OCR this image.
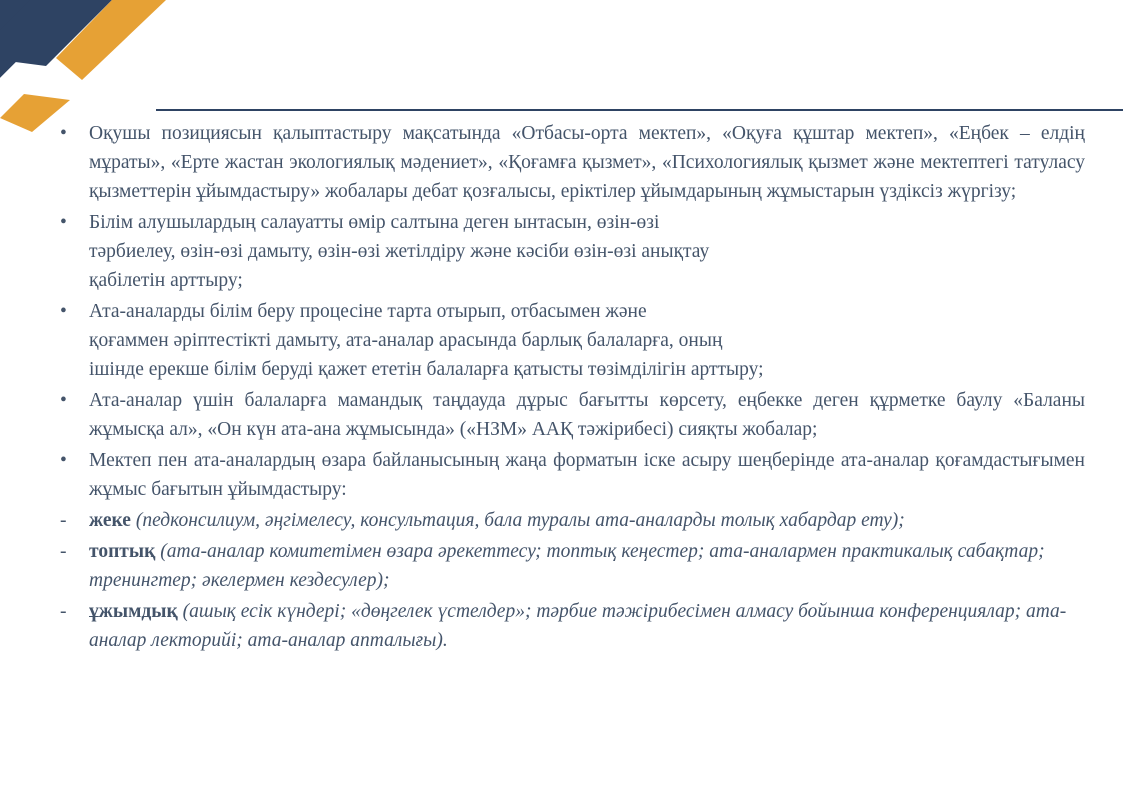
• Оқушы позициясын қалыптастыру мақсатында «Отбасы-орта мектеп», «Оқуға құштар мектеп», «Еңбек – елдің мұраты», «Ерте жастан экологиялық мәдениет», «Қоғамға қызмет», «Психологиялық қызмет және мектептегі татуласу қызметтерін ұйымдастыру» жобалары дебат қозғалысы, еріктілер ұйымдарының жұмыстарын үздіксіз жүргізу;
• Білім алушылардың салауатты өмір салтына деген ынтасын, өзін-өзі
тәрбиелеу, өзін-өзі дамыту, өзін-өзі жетілдіру және кәсіби өзін-өзі анықтау
қабілетін арттыру;
• Ата-аналарды білім беру процесіне тарта отырып, отбасымен және
қоғаммен әріптестікті дамыту, ата-аналар арасында барлық балаларға, оның
ішінде ерекше білім беруді қажет ететін балаларға қатысты төзімділігін арттыру;
• Ата-аналар үшін балаларға мамандық таңдауда дұрыс бағытты көрсету, еңбекке деген құрметке баулу «Баланы жұмысқа ал», «Он күн ата-ана жұмысында» («НЗМ» ААҚ тәжірибесі) сияқты жобалар;
• Мектеп пен ата-аналардың өзара байланысының жаңа форматын іске асыру шеңберінде ата-аналар қоғамдастығымен жұмыс бағытын ұйымдастыру:
- жеке (педконсилиум, әңгімелесу, консультация, бала туралы ата-аналарды толық хабардар ету);
- топтық (ата-аналар комитетімен өзара әрекеттесу; топтық кеңестер; ата-аналармен практикалық сабақтар; тренингтер; әкелермен кездесулер);
- ұжымдық (ашық есік күндері; «дөңгелек үстелдер»; тәрбие тәжірибесімен алмасу бойынша конференциялар; ата-аналар лекторийі; ата-аналар апталығы).
